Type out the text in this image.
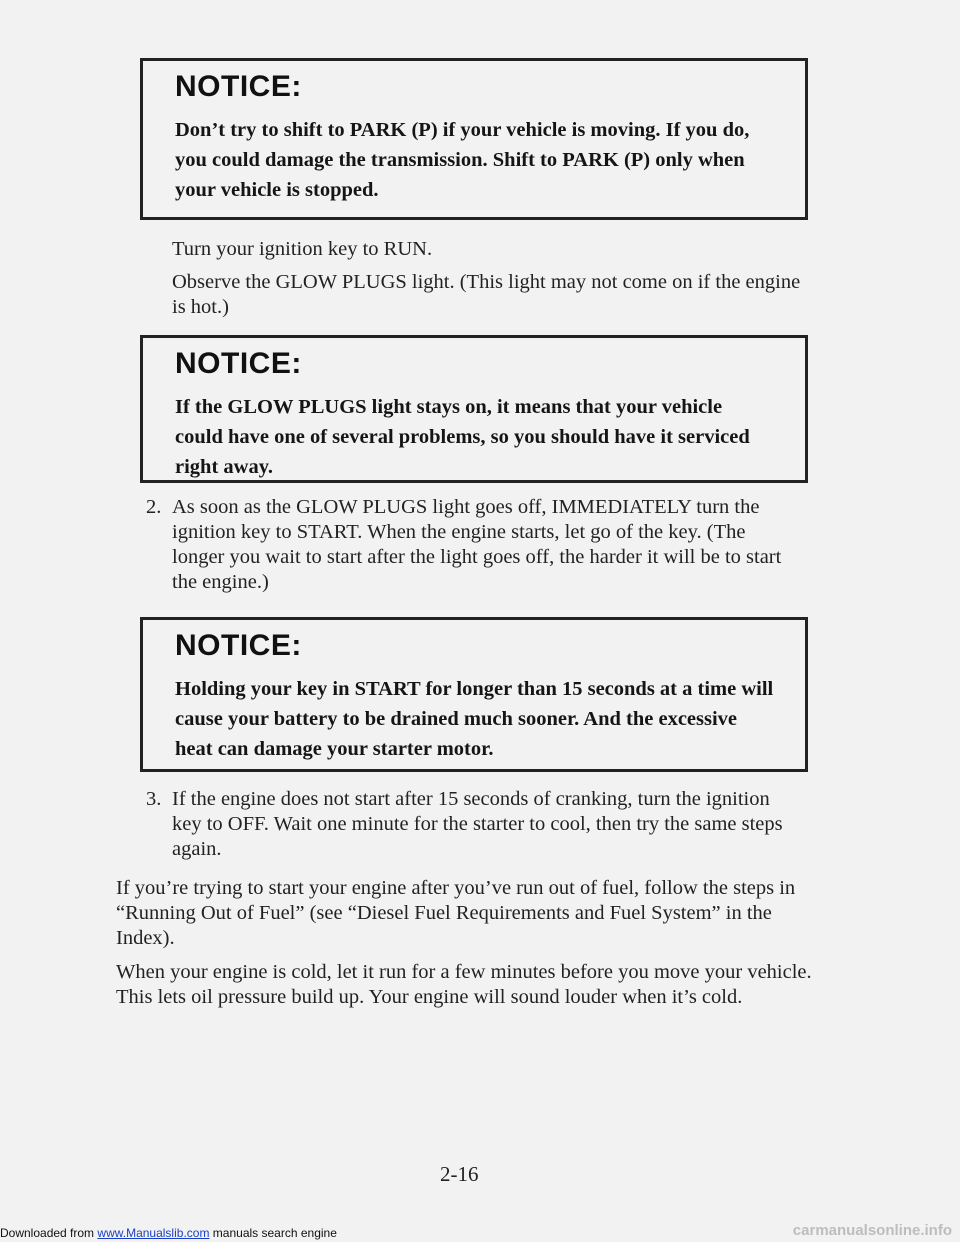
NOTICE:

Don’t try to shift to PARK (P) if your vehicle is moving. If you do, you could damage the transmission. Shift to PARK (P) only when your vehicle is stopped.

Turn your ignition key to RUN.

Observe the GLOW PLUGS light. (This light may not come on if the engine is hot.)

NOTICE:

If the GLOW PLUGS light stays on, it means that your vehicle could have one of several problems, so you should have it serviced right away.

2. As soon as the GLOW PLUGS light goes off, IMMEDIATELY turn the ignition key to START. When the engine starts, let go of the key. (The longer you wait to start after the light goes off, the harder it will be to start the engine.)

NOTICE:

Holding your key in START for longer than 15 seconds at a time will cause your battery to be drained much sooner. And the excessive heat can damage your starter motor.

3. If the engine does not start after 15 seconds of cranking, turn the ignition key to OFF. Wait one minute for the starter to cool, then try the same steps again.

If you’re trying to start your engine after you’ve run out of fuel, follow the steps in “Running Out of Fuel” (see “Diesel Fuel Requirements and Fuel System” in the Index).

When your engine is cold, let it run for a few minutes before you move your vehicle. This lets oil pressure build up. Your engine will sound louder when it’s cold.

2-16
Downloaded from www.Manualslib.com manuals search engine	carmanualsonline.info
